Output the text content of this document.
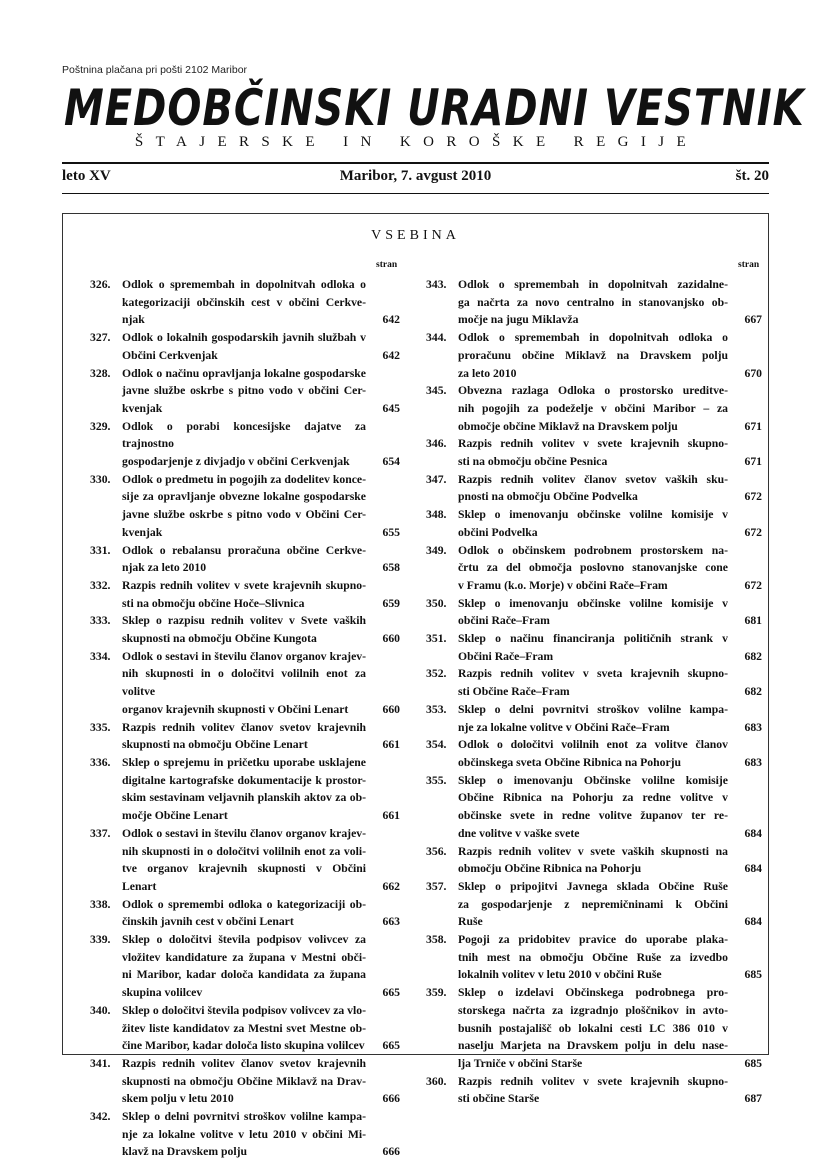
Poštnina plačana pri pošti 2102 Maribor
MEDOBČINSKI URADNI VESTNIK
ŠTAJERSKE IN KOROŠKE REGIJE
leto XV	Maribor, 7. avgust 2010	št. 20
VSEBINA
stran	stran
326. Odlok o spremembah in dopolnitvah odloka o
kategorizaciji občinskih cest v občini Cerkve-
njak	642
327. Odlok o lokalnih gospodarskih javnih službah v
Občini Cerkvenjak	642
328. Odlok o načinu opravljanja lokalne gospodarske
javne službe oskrbe s pitno vodo v občini Cer-
kvenjak	645
329. Odlok o porabi koncesijske dajatve za trajnostno
gospodarjenje z divjadjo v občini Cerkvenjak	654
330. Odlok o predmetu in pogojih za dodelitev konce-
sije za opravljanje obvezne lokalne gospodarske
javne službe oskrbe s pitno vodo v Občini Cer-
kvenjak	655
331. Odlok o rebalansu proračuna občine Cerkve-
njak za leto 2010	658
332. Razpis rednih volitev v svete krajevnih skupno-
sti na območju občine Hoče–Slivnica	659
333. Sklep o razpisu rednih volitev v Svete vaških
skupnosti na območju Občine Kungota	660
334. Odlok o sestavi in številu članov organov krajev-
nih skupnosti in o določitvi volilnih enot za volitve
organov krajevnih skupnosti v Občini Lenart	660
335. Razpis rednih volitev članov svetov krajevnih
skupnosti na območju Občine Lenart	661
336. Sklep o sprejemu in pričetku uporabe usklajene
digitalne kartografske dokumentacije k prostor-
skim sestavinam veljavnih planskih aktov za ob-
močje Občine Lenart	661
337. Odlok o sestavi in številu članov organov krajev-
nih skupnosti in o določitvi volilnih enot za voli-
tve organov krajevnih skupnosti v Občini Lenart	662
338. Odlok o spremembi odloka o kategorizaciji ob-
činskih javnih cest v občini Lenart	663
339. Sklep o določitvi števila podpisov volivcev za
vložitev kandidature za župana v Mestni obči-
ni Maribor, kadar določa kandidata za župana
skupina volilcev	665
340. Sklep o določitvi števila podpisov volivcev za vlo-
žitev liste kandidatov za Mestni svet Mestne ob-
čine Maribor, kadar določa listo skupina volilcev	665
341. Razpis rednih volitev članov svetov krajevnih
skupnosti na območju Občine Miklavž na Drav-
skem polju v letu 2010	666
342. Sklep o delni povrnitvi stroškov volilne kampa-
nje za lokalne volitve v letu 2010 v občini Mi-
klavž na Dravskem polju	666
343. Odlok o spremembah in dopolnitvah zazidalne-
ga načrta za novo centralno in stanovanjsko ob-
močje na jugu Miklavža	667
344. Odlok o spremembah in dopolnitvah odloka o
proračunu občine Miklavž na Dravskem polju
za leto 2010	670
345. Obvezna razlaga Odloka o prostorsko ureditve-
nih pogojih za podeželje v občini Maribor – za
območje občine Miklavž na Dravskem polju	671
346. Razpis rednih volitev v svete krajevnih skupno-
sti na območju občine Pesnica	671
347. Razpis rednih volitev članov svetov vaških sku-
pnosti na območju Občine Podvelka	672
348. Sklep o imenovanju občinske volilne komisije v
občini Podvelka	672
349. Odlok o občinskem podrobnem prostorskem na-
črtu za del območja poslovno stanovanjske cone
v Framu (k.o. Morje) v občini Rače–Fram	672
350. Sklep o imenovanju občinske volilne komisije v
občini Rače–Fram	681
351. Sklep o načinu financiranja političnih strank v
Občini Rače–Fram	682
352. Razpis rednih volitev v sveta krajevnih skupno-
sti Občine Rače–Fram	682
353. Sklep o delni povrnitvi stroškov volilne kampa-
nje za lokalne volitve v Občini Rače–Fram	683
354. Odlok o določitvi volilnih enot za volitve članov
občinskega sveta Občine Ribnica na Pohorju	683
355. Sklep o imenovanju Občinske volilne komisije
Občine Ribnica na Pohorju za redne volitve v
občinske svete in redne volitve županov ter re-
dne volitve v vaške svete	684
356. Razpis rednih volitev v svete vaških skupnosti na
območju Občine Ribnica na Pohorju	684
357. Sklep o pripojitvi Javnega sklada Občine Ruše
za gospodarjenje z nepremičninami k Občini
Ruše	684
358. Pogoji za pridobitev pravice do uporabe plaka-
tnih mest na območju Občine Ruše za izvedbo
lokalnih volitev v letu 2010 v občini Ruše	685
359. Sklep o izdelavi Občinskega podrobnega pro-
storskega načrta za izgradnjo ploščnikov in avto-
busnih postajališč ob lokalni cesti LC 386 010 v
naselju Marjeta na Dravskem polju in delu nase-
lja Trniče v občini Starše	685
360. Razpis rednih volitev v svete krajevnih skupno-
sti občine Starše	687
